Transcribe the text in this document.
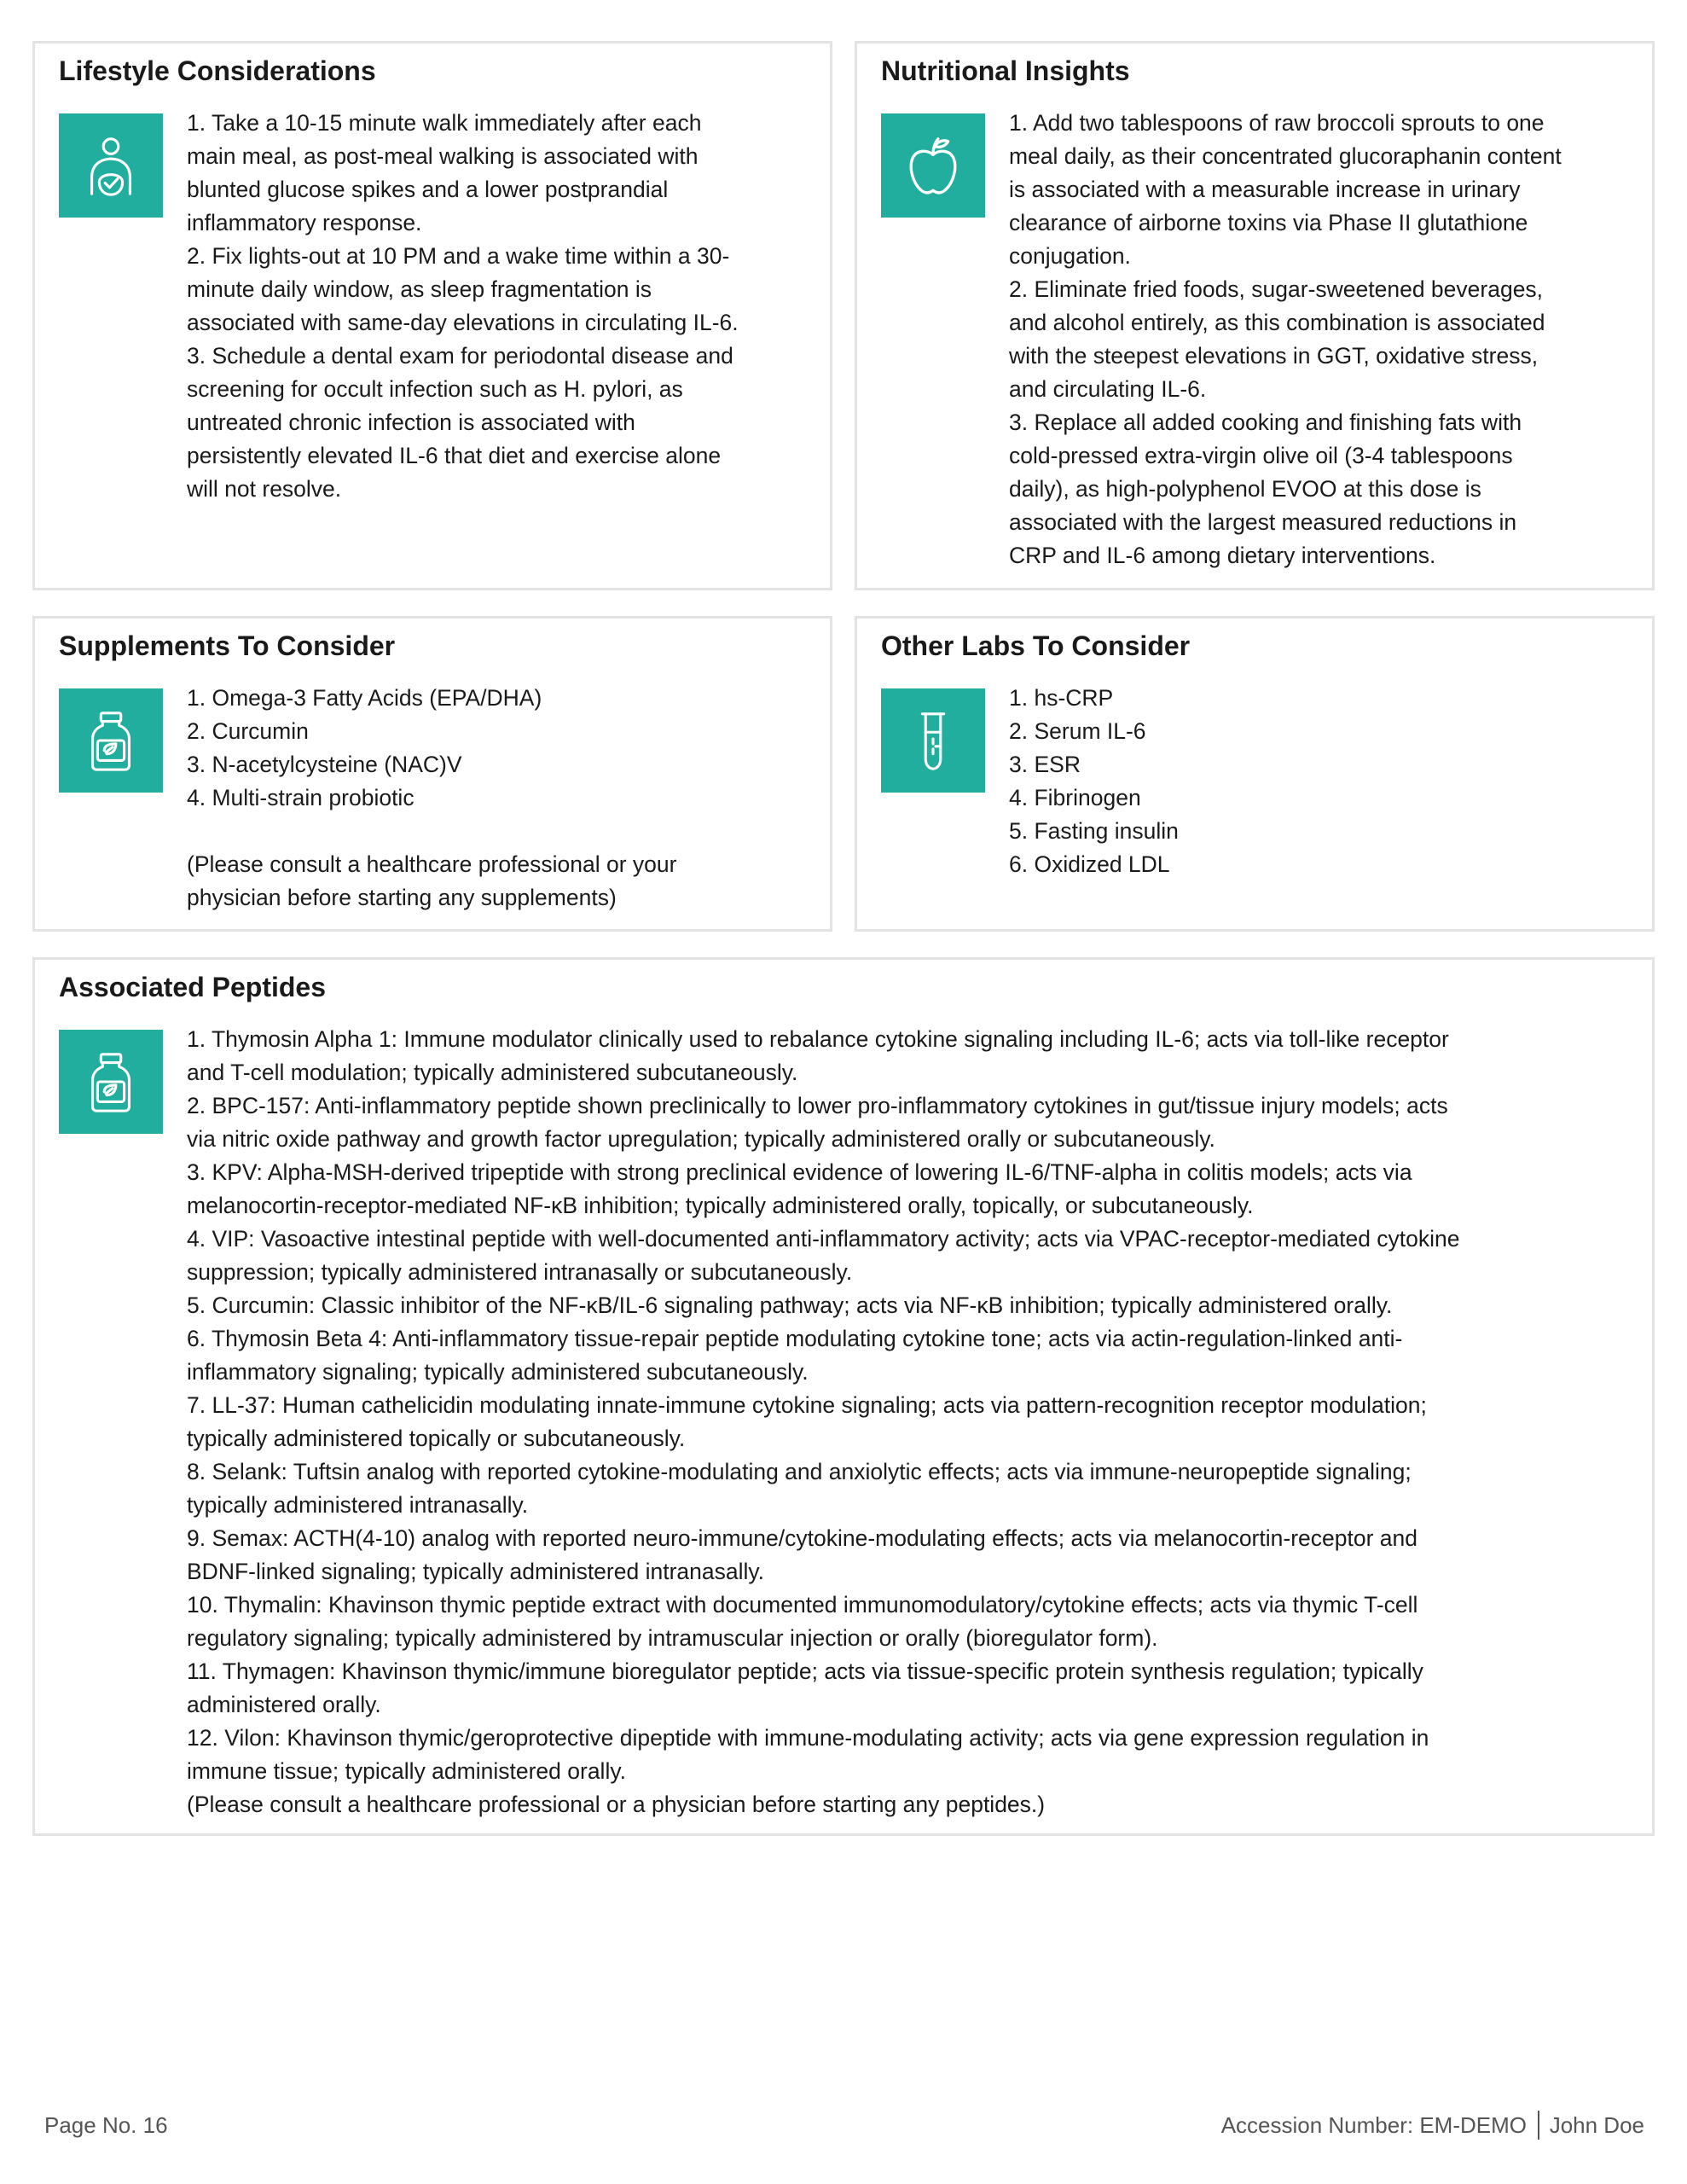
Lifestyle Considerations
1. Take a 10-15 minute walk immediately after each
main meal, as post-meal walking is associated with
blunted glucose spikes and a lower postprandial
inflammatory response.
2. Fix lights-out at 10 PM and a wake time within a 30-
minute daily window, as sleep fragmentation is
associated with same-day elevations in circulating IL-6.
3. Schedule a dental exam for periodontal disease and
screening for occult infection such as H. pylori, as
untreated chronic infection is associated with
persistently elevated IL-6 that diet and exercise alone
will not resolve.
Nutritional Insights
1. Add two tablespoons of raw broccoli sprouts to one
meal daily, as their concentrated glucoraphanin content
is associated with a measurable increase in urinary
clearance of airborne toxins via Phase II glutathione
conjugation.
2. Eliminate fried foods, sugar-sweetened beverages,
and alcohol entirely, as this combination is associated
with the steepest elevations in GGT, oxidative stress,
and circulating IL-6.
3. Replace all added cooking and finishing fats with
cold-pressed extra-virgin olive oil (3-4 tablespoons
daily), as high-polyphenol EVOO at this dose is
associated with the largest measured reductions in
CRP and IL-6 among dietary interventions.
Supplements To Consider
1. Omega-3 Fatty Acids (EPA/DHA)
2. Curcumin
3. N-acetylcysteine (NAC)V
4. Multi-strain probiotic
(Please consult a healthcare professional or your
physician before starting any supplements)
Other Labs To Consider
1. hs-CRP
2. Serum IL-6
3. ESR
4. Fibrinogen
5. Fasting insulin
6. Oxidized LDL
Associated Peptides
1. Thymosin Alpha 1: Immune modulator clinically used to rebalance cytokine signaling including IL-6; acts via toll-like receptor
and T-cell modulation; typically administered subcutaneously.
2. BPC-157: Anti-inflammatory peptide shown preclinically to lower pro-inflammatory cytokines in gut/tissue injury models; acts
via nitric oxide pathway and growth factor upregulation; typically administered orally or subcutaneously.
3. KPV: Alpha-MSH-derived tripeptide with strong preclinical evidence of lowering IL-6/TNF-alpha in colitis models; acts via
melanocortin-receptor-mediated NF-κB inhibition; typically administered orally, topically, or subcutaneously.
4. VIP: Vasoactive intestinal peptide with well-documented anti-inflammatory activity; acts via VPAC-receptor-mediated cytokine
suppression; typically administered intranasally or subcutaneously.
5. Curcumin: Classic inhibitor of the NF-κB/IL-6 signaling pathway; acts via NF-κB inhibition; typically administered orally.
6. Thymosin Beta 4: Anti-inflammatory tissue-repair peptide modulating cytokine tone; acts via actin-regulation-linked anti-
inflammatory signaling; typically administered subcutaneously.
7. LL-37: Human cathelicidin modulating innate-immune cytokine signaling; acts via pattern-recognition receptor modulation;
typically administered topically or subcutaneously.
8. Selank: Tuftsin analog with reported cytokine-modulating and anxiolytic effects; acts via immune-neuropeptide signaling;
typically administered intranasally.
9. Semax: ACTH(4-10) analog with reported neuro-immune/cytokine-modulating effects; acts via melanocortin-receptor and
BDNF-linked signaling; typically administered intranasally.
10. Thymalin: Khavinson thymic peptide extract with documented immunomodulatory/cytokine effects; acts via thymic T-cell
regulatory signaling; typically administered by intramuscular injection or orally (bioregulator form).
11. Thymagen: Khavinson thymic/immune bioregulator peptide; acts via tissue-specific protein synthesis regulation; typically
administered orally.
12. Vilon: Khavinson thymic/geroprotective dipeptide with immune-modulating activity; acts via gene expression regulation in
immune tissue; typically administered orally.
(Please consult a healthcare professional or a physician before starting any peptides.)
Page No. 16	Accession Number: EM-DEMO John Doe
